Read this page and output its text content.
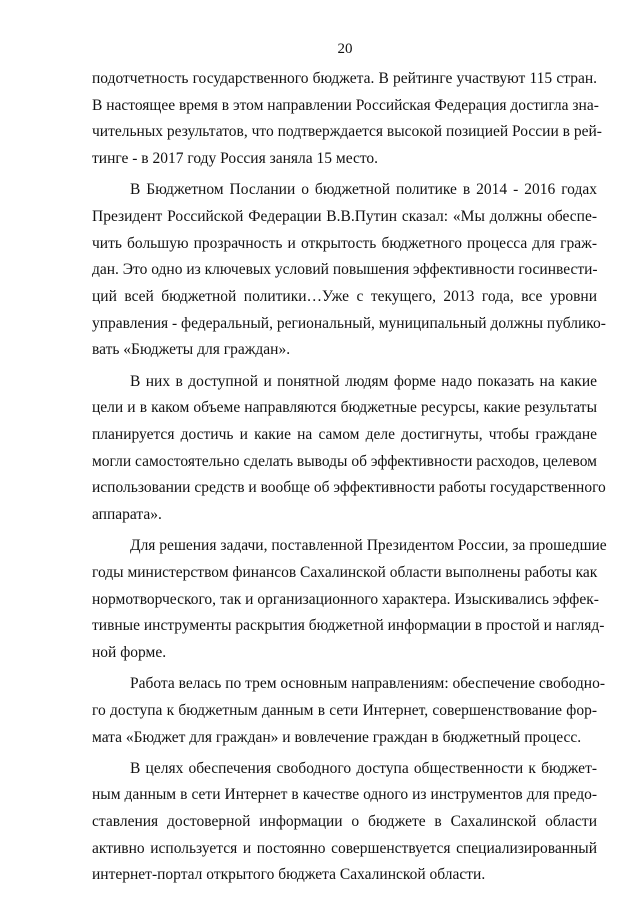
20
подотчетность государственного бюджета. В рейтинге участвуют 115 стран.
В настоящее время в этом направлении Российская Федерация достигла зна-
чительных результатов, что подтверждается высокой позицией России в рей-
тинге - в 2017 году Россия заняла 15 место.
В Бюджетном Послании о бюджетной политике в 2014 - 2016 годах
Президент Российской Федерации В.В.Путин сказал: «Мы должны обеспе-
чить большую прозрачность и открытость бюджетного процесса для граж-
дан. Это одно из ключевых условий повышения эффективности госинвести-
ций всей бюджетной политики…Уже с текущего, 2013 года, все уровни
управления - федеральный, региональный, муниципальный должны публико-
вать «Бюджеты для граждан».
В них в доступной и понятной людям форме надо показать на какие
цели и в каком объеме направляются бюджетные ресурсы, какие результаты
планируется достичь и какие на самом деле достигнуты, чтобы граждане
могли самостоятельно сделать выводы об эффективности расходов, целевом
использовании средств и вообще об эффективности работы государственного
аппарата».
Для решения задачи, поставленной Президентом России, за прошедшие
годы министерством финансов Сахалинской области выполнены работы как
нормотворческого, так и организационного характера. Изыскивались эффек-
тивные инструменты раскрытия бюджетной информации в простой и нагляд-
ной форме.
Работа велась по трем основным направлениям: обеспечение свободно-
го доступа к бюджетным данным в сети Интернет, совершенствование фор-
мата «Бюджет для граждан» и вовлечение граждан в бюджетный процесс.
В целях обеспечения свободного доступа общественности к бюджет-
ным данным в сети Интернет в качестве одного из инструментов для предо-
ставления достоверной информации о бюджете в Сахалинской области
активно используется и постоянно совершенствуется специализированный
интернет-портал открытого бюджета Сахалинской области.
